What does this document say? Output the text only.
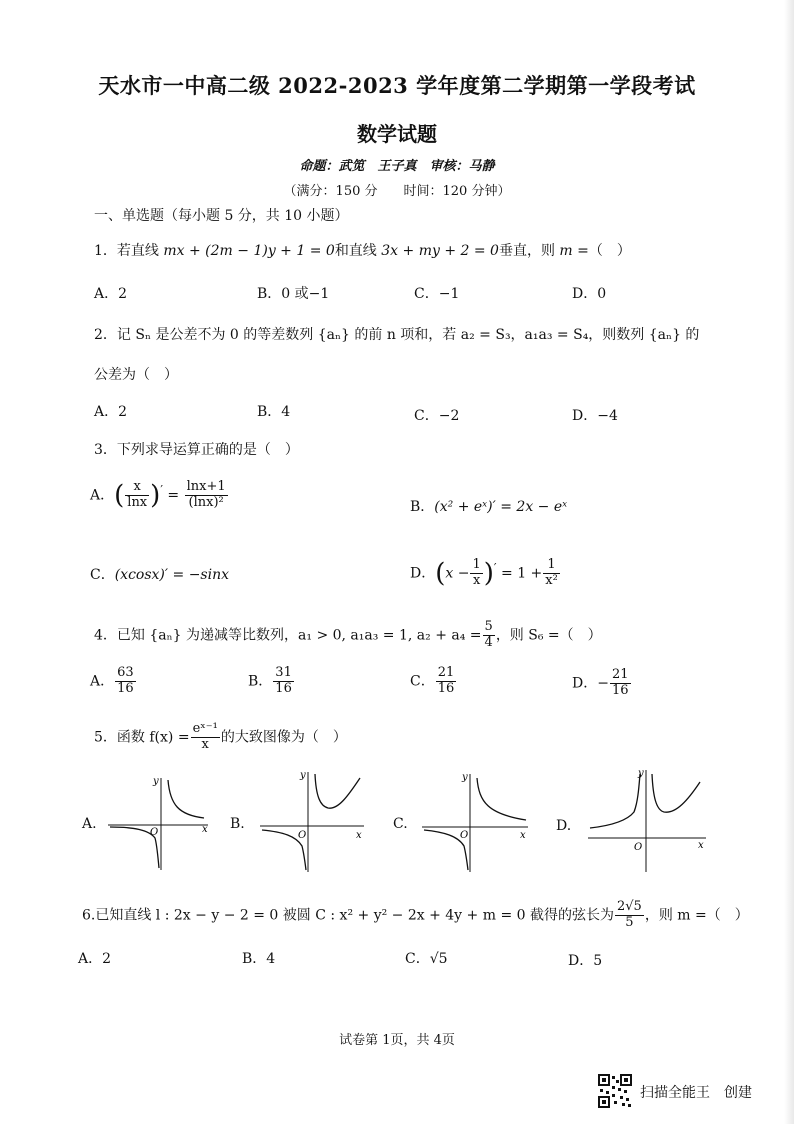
天水市一中高二级 2022-2023 学年度第二学期第一学段考试
数学试题
命题：武笕　王子真　审核：马静
（满分：150 分　　时间：120 分钟）
一、单选题（每小题 5 分，共 10 小题）
1．若直线 mx + (2m − 1)y + 1 = 0和直线 3x + my + 2 = 0垂直，则 m =（　）
A．2	B．0 或−1	C．−1	D．0
2．记 Sₙ 是公差不为 0 的等差数列 {aₙ} 的前 n 项和，若 a₂ = S₃，a₁a₃ = S₄，则数列 {aₙ} 的
公差为（　）
A．2	B．4	C．−2	D．−4
3．下列求导运算正确的是（　）
A．( $\frac{x}{\ln x} )' = \frac{\ln x+1}{\text{(lnx)²}}$	B．(x² + eˣ)′ = 2x − eˣ
C．(xcosx)′ = −sinx	D．$(x - \frac{1}{x} )' = 1 + \frac{1}{\text{x²}}$
4．已知 {aₙ} 为递减等比数列，a₁ > 0, a₁a₃ = 1, $a_2 + a_4 = \frac{5}{4}$ ，则 S₆ =（　）
A． $\frac{63}{16}$	B． $\frac{31}{16}$	C． $\frac{21}{16}$	D．− $\frac{21}{16}$
5．函数 $f(x) = \frac{\text{eˣ⁻¹}}{x}$ 的大致图像为（　）
A.	B.	C.	D.
x
y
O	x
y
O	x
y
O
x
y
O
6.已知直线 l : 2x − y − 2 = 0 被圆 C : x² + y² − 2x + 4y + m = 0 截得的弦长为 $\frac{2√5}{5}$ ，则 m =（　）
A．2	B．4	C．√5	D．5
试卷第 1页，共 4页
扫描全能王　创建
